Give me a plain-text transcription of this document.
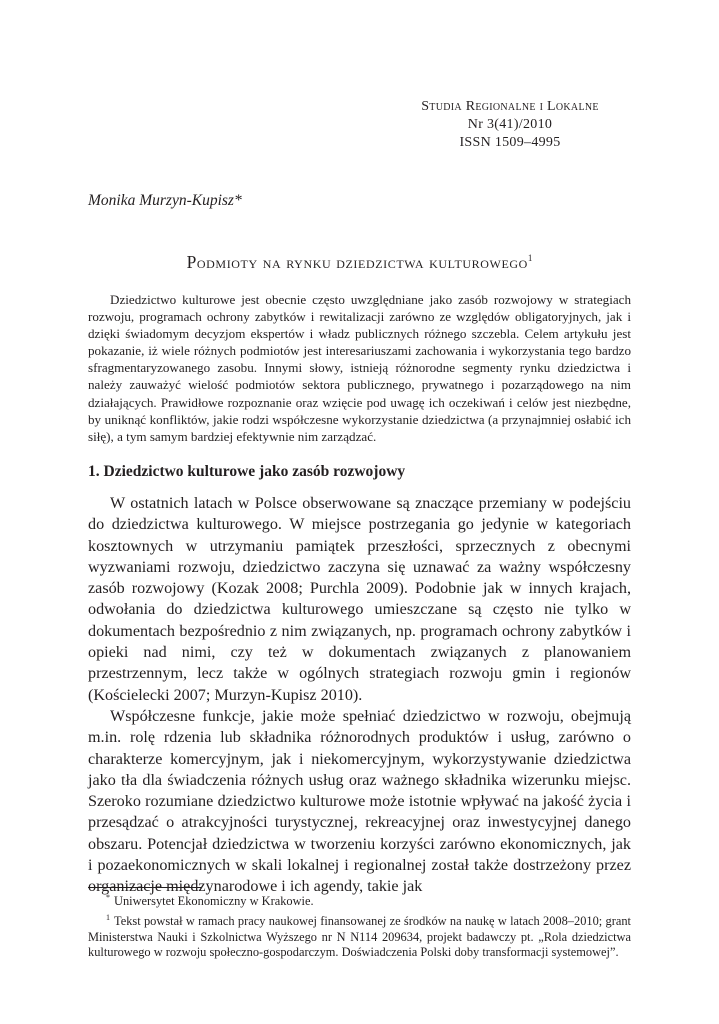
Studia Regionalne i Lokalne
Nr 3(41)/2010
ISSN 1509–4995
Monika Murzyn-Kupisz*
Podmioty na rynku dziedzictwa kulturowego$^1$

Dziedzictwo kulturowe jest obecnie często uwzględniane jako zasób rozwojowy w strategiach rozwoju, programach ochrony zabytków i rewitalizacji zarówno ze względów obligatoryjnych, jak i dzięki świadomym decyzjom ekspertów i władz publicznych różnego szczebla. Celem artykułu jest pokazanie, iż wiele różnych podmiotów jest interesariuszami zachowania i wykorzystania tego bardzo sfragmentaryzowanego zasobu. Innymi słowy, istnieją różnorodne segmenty rynku dziedzictwa i należy zauważyć wielość podmiotów sektora publicznego, prywatnego i pozarządowego na nim działających. Prawidłowe rozpoznanie oraz wzięcie pod uwagę ich oczekiwań i celów jest niezbędne, by uniknąć konfliktów, jakie rodzi współczesne wykorzystanie dziedzictwa (a przynajmniej osłabić ich siłę), a tym samym bardziej efektywnie nim zarządzać.

1. Dziedzictwo kulturowe jako zasób rozwojowy

W ostatnich latach w Polsce obserwowane są znaczące przemiany w podejściu do dziedzictwa kulturowego. W miejsce postrzegania go jedynie w kategoriach kosztownych w utrzymaniu pamiątek przeszłości, sprzecznych z obecnymi wyzwaniami rozwoju, dziedzictwo zaczyna się uznawać za ważny współczesny zasób rozwojowy (Kozak 2008; Purchla 2009). Podobnie jak w innych krajach, odwołania do dziedzictwa kulturowego umieszczane są często nie tylko w dokumentach bezpośrednio z nim związanych, np. programach ochrony zabytków i opieki nad nimi, czy też w dokumentach związanych z planowaniem przestrzennym, lecz także w ogólnych strategiach rozwoju gmin i regionów (Kościelecki 2007; Murzyn-Kupisz 2010).

Współczesne funkcje, jakie może spełniać dziedzictwo w rozwoju, obejmują m.in. rolę rdzenia lub składnika różnorodnych produktów i usług, zarówno o charakterze komercyjnym, jak i niekomercyjnym, wykorzystywanie dziedzictwa jako tła dla świadczenia różnych usług oraz ważnego składnika wizerunku miejsc. Szeroko rozumiane dziedzictwo kulturowe może istotnie wpływać na jakość życia i przesądzać o atrakcyjności turystycznej, rekreacyjnej oraz inwestycyjnej danego obszaru. Potencjał dziedzictwa w tworzeniu korzyści zarówno ekonomicznych, jak i pozaekonomicznych w skali lokalnej i regionalnej został także dostrzeżony przez organizacje międzynarodowe i ich agendy, takie jak

* Uniwersytet Ekonomiczny w Krakowie.

$^1$ Tekst powstał w ramach pracy naukowej finansowanej ze środków na naukę w latach 2008–2010; grant Ministerstwa Nauki i Szkolnictwa Wyższego nr N N114 209634, projekt badawczy pt. „Rola dziedzictwa kulturowego w rozwoju społeczno-gospodarczym. Doświadczenia Polski doby transformacji systemowej”.
